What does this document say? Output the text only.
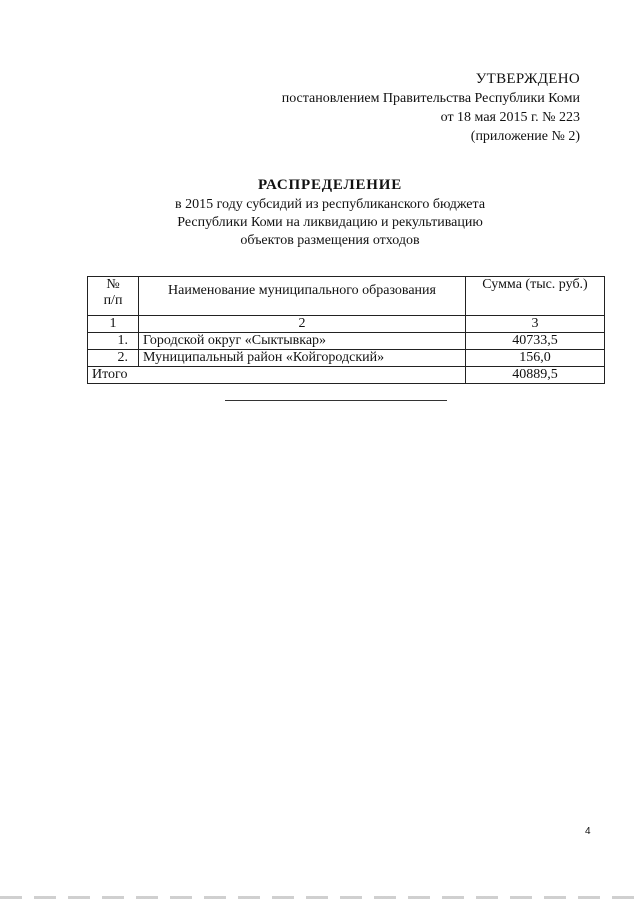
УТВЕРЖДЕНО
постановлением Правительства Республики Коми
от 18 мая 2015 г. № 223
(приложение № 2)
РАСПРЕДЕЛЕНИЕ
в 2015 году субсидий из республиканского бюджета
Республики Коми на ликвидацию и рекультивацию
объектов размещения отходов
№
п/п	Наименование муниципального образования	Сумма (тыс. руб.)
1	2	3
1.	Городской округ «Сыктывкар»	40733,5
2.	Муниципальный район «Койгородский»	156,0
Итого		40889,5
4
